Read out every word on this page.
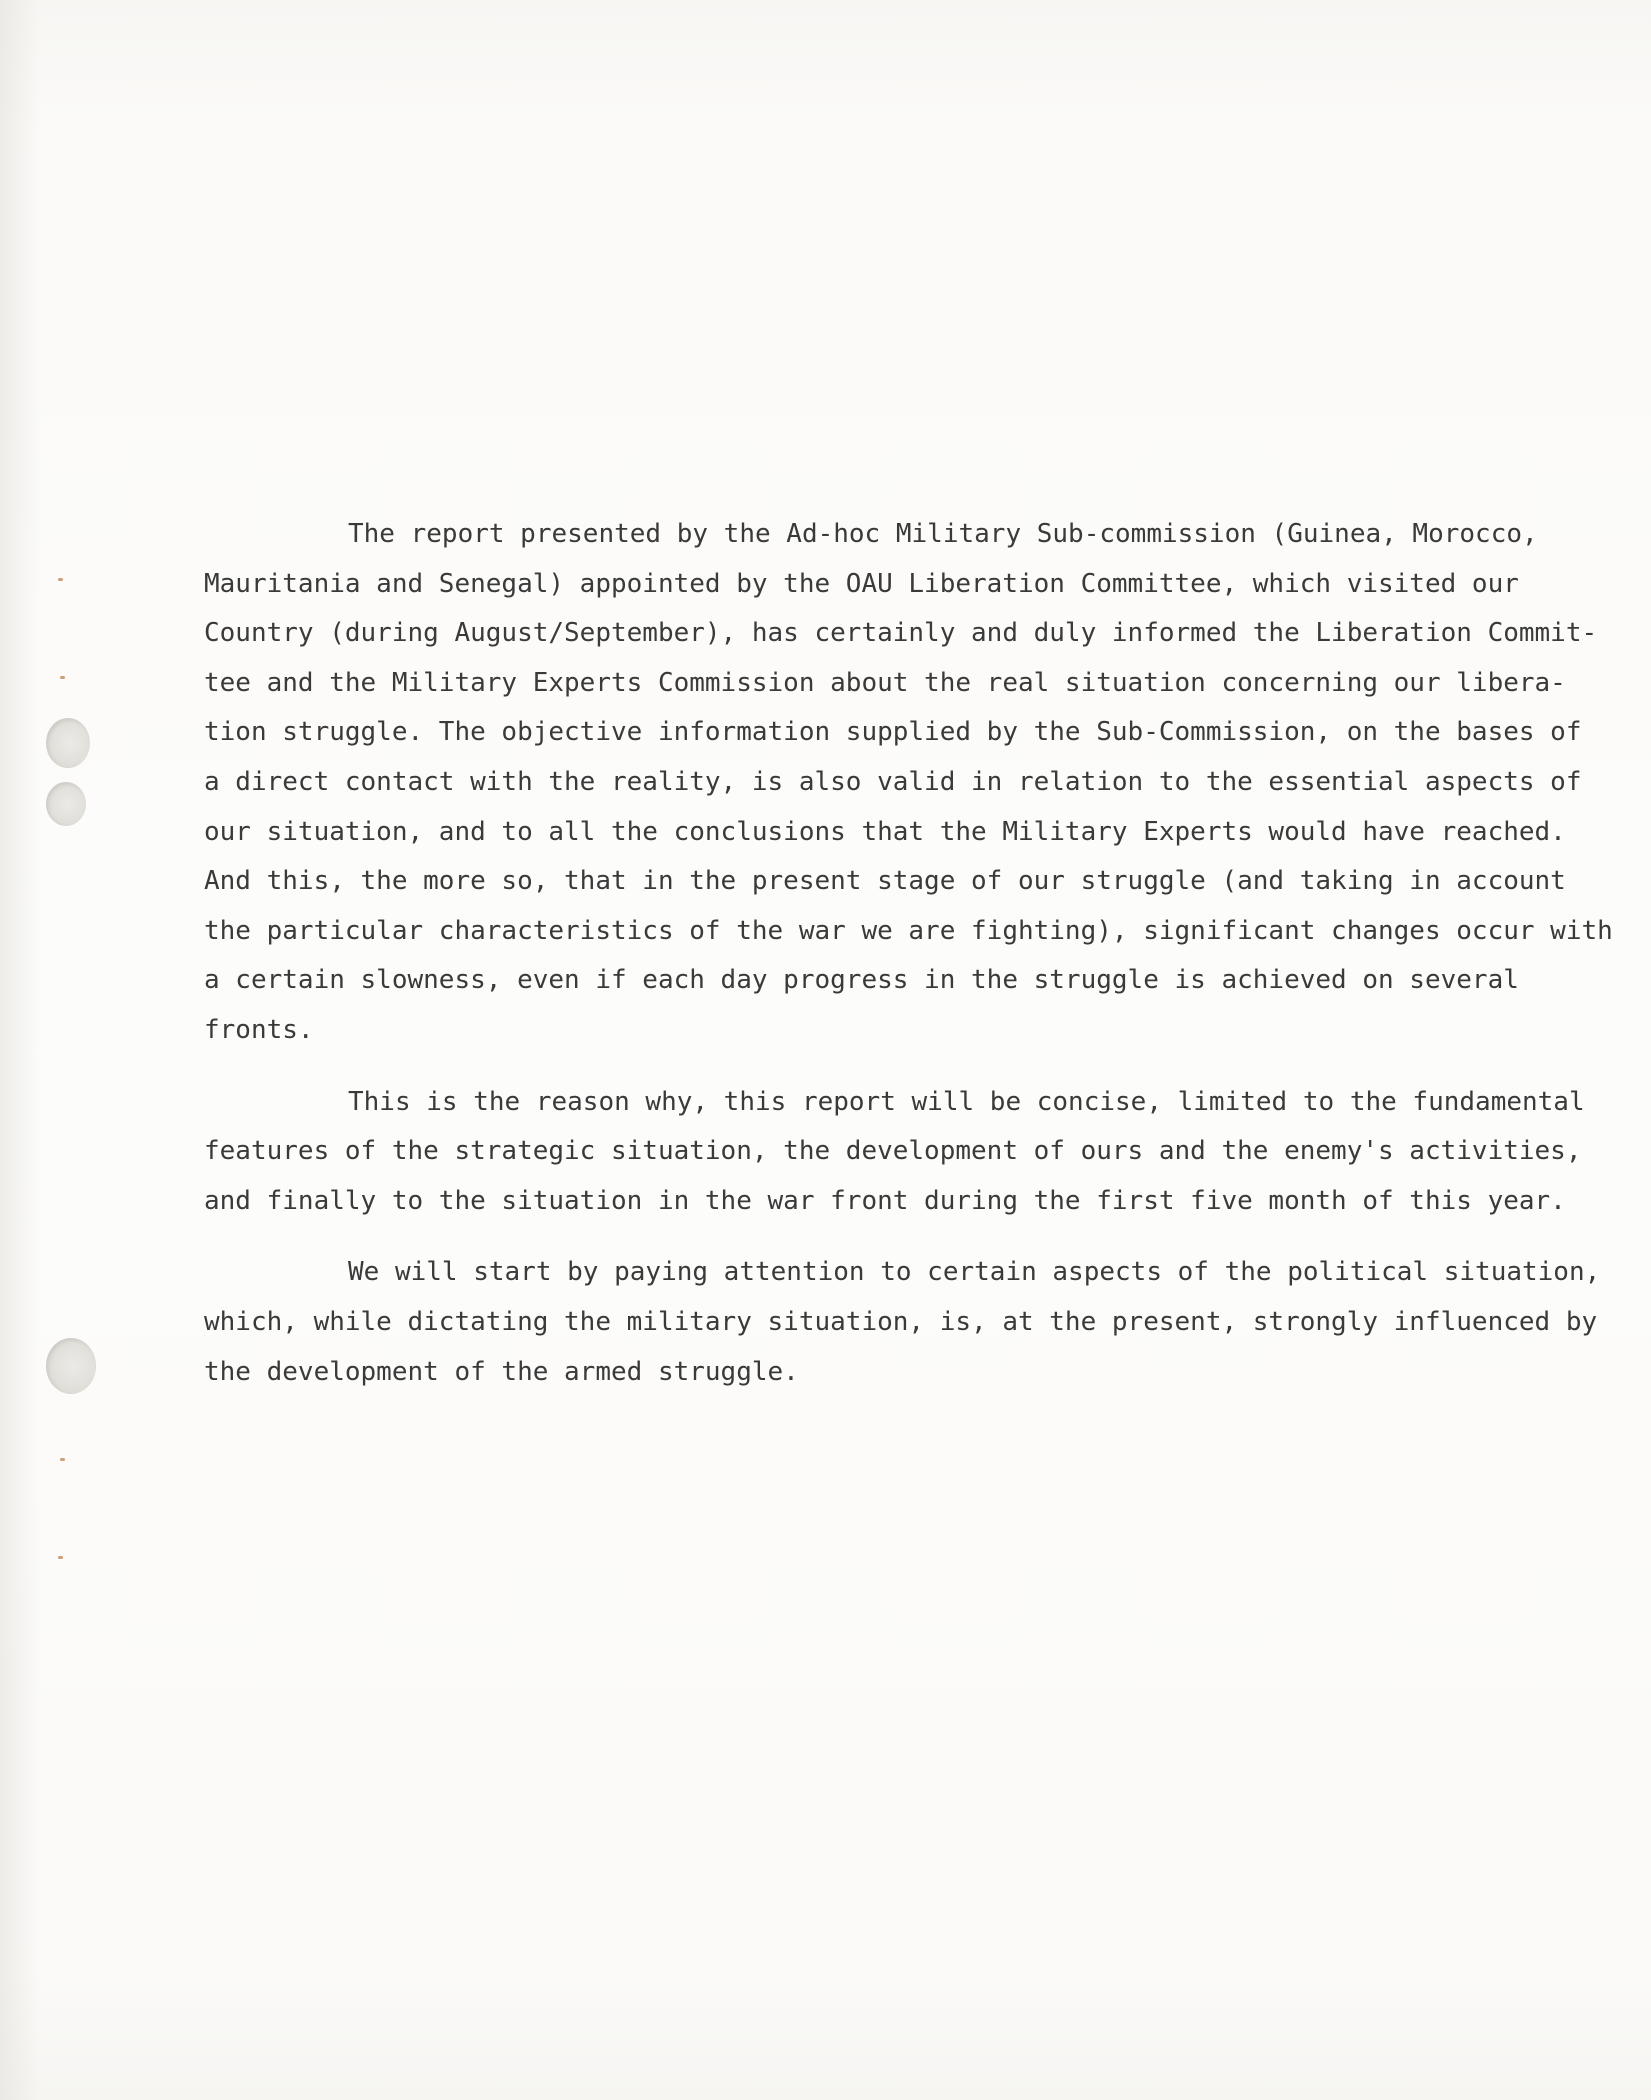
The report presented by the Ad-hoc Military Sub-commission (Guinea, Morocco,
Mauritania and Senegal) appointed by the OAU Liberation Committee, which visited our
Country (during August/September), has certainly and duly informed the Liberation Commit-
tee and the Military Experts Commission about the real situation concerning our libera-
tion struggle. The objective information supplied by the Sub-Commission, on the bases of
a direct contact with the reality, is also valid in relation to the essential aspects of
our situation, and to all the conclusions that the Military Experts would have reached.
And this, the more so, that in the present stage of our struggle (and taking in account
the particular characteristics of the war we are fighting), significant changes occur with
a certain slowness, even if each day progress in the struggle is achieved on several
fronts.

This is the reason why, this report will be concise, limited to the fundamental
features of the strategic situation, the development of ours and the enemy's activities,
and finally to the situation in the war front during the first five month of this year.

We will start by paying attention to certain aspects of the political situation,
which, while dictating the military situation, is, at the present, strongly influenced by
the development of the armed struggle.
